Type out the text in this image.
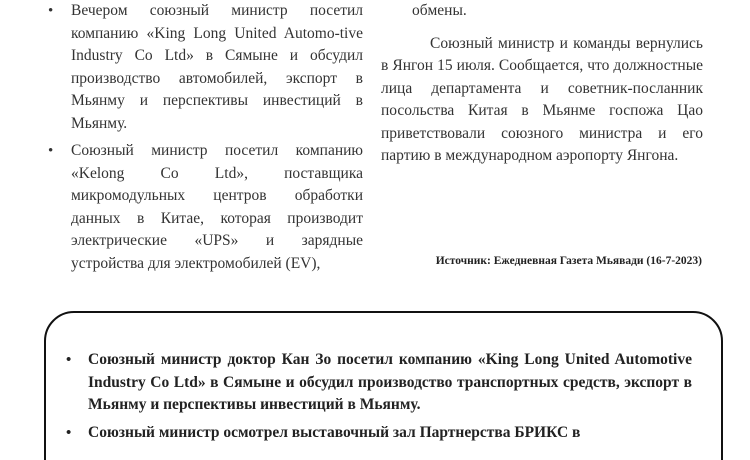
• Вечером союзный министр посетил компанию «King Long United Automo-tive Industry Co Ltd» в Сямыне и обсудил производство автомобилей, экспорт в Мьянму и перспективы инвестиций в Мьянму.
• Союзный министр посетил компанию «Kelong Co Ltd», поставщика микромодульных центров обработки данных в Китае, которая производит электрические «UPS» и зарядные устройства для электромобилей (EV),

обмены.

Союзный министр и команды вернулись в Янгон 15 июля. Сообщается, что должностные лица департамента и советник-посланник посольства Китая в Мьянме госпожа Цао приветствовали союзного министра и его партию в международном аэропорту Янгона.

Источник: Ежедневная Газета Мьявади (16-7-2023)
• Союзный министр доктор Кан Зо посетил компанию «King Long United Automotive Industry Co Ltd» в Сямыне и обсудил производство транспортных средств, экспорт в Мьянму и перспективы инвестиций в Мьянму.
• Союзный министр осмотрел выставочный зал Партнерства БРИКС в
